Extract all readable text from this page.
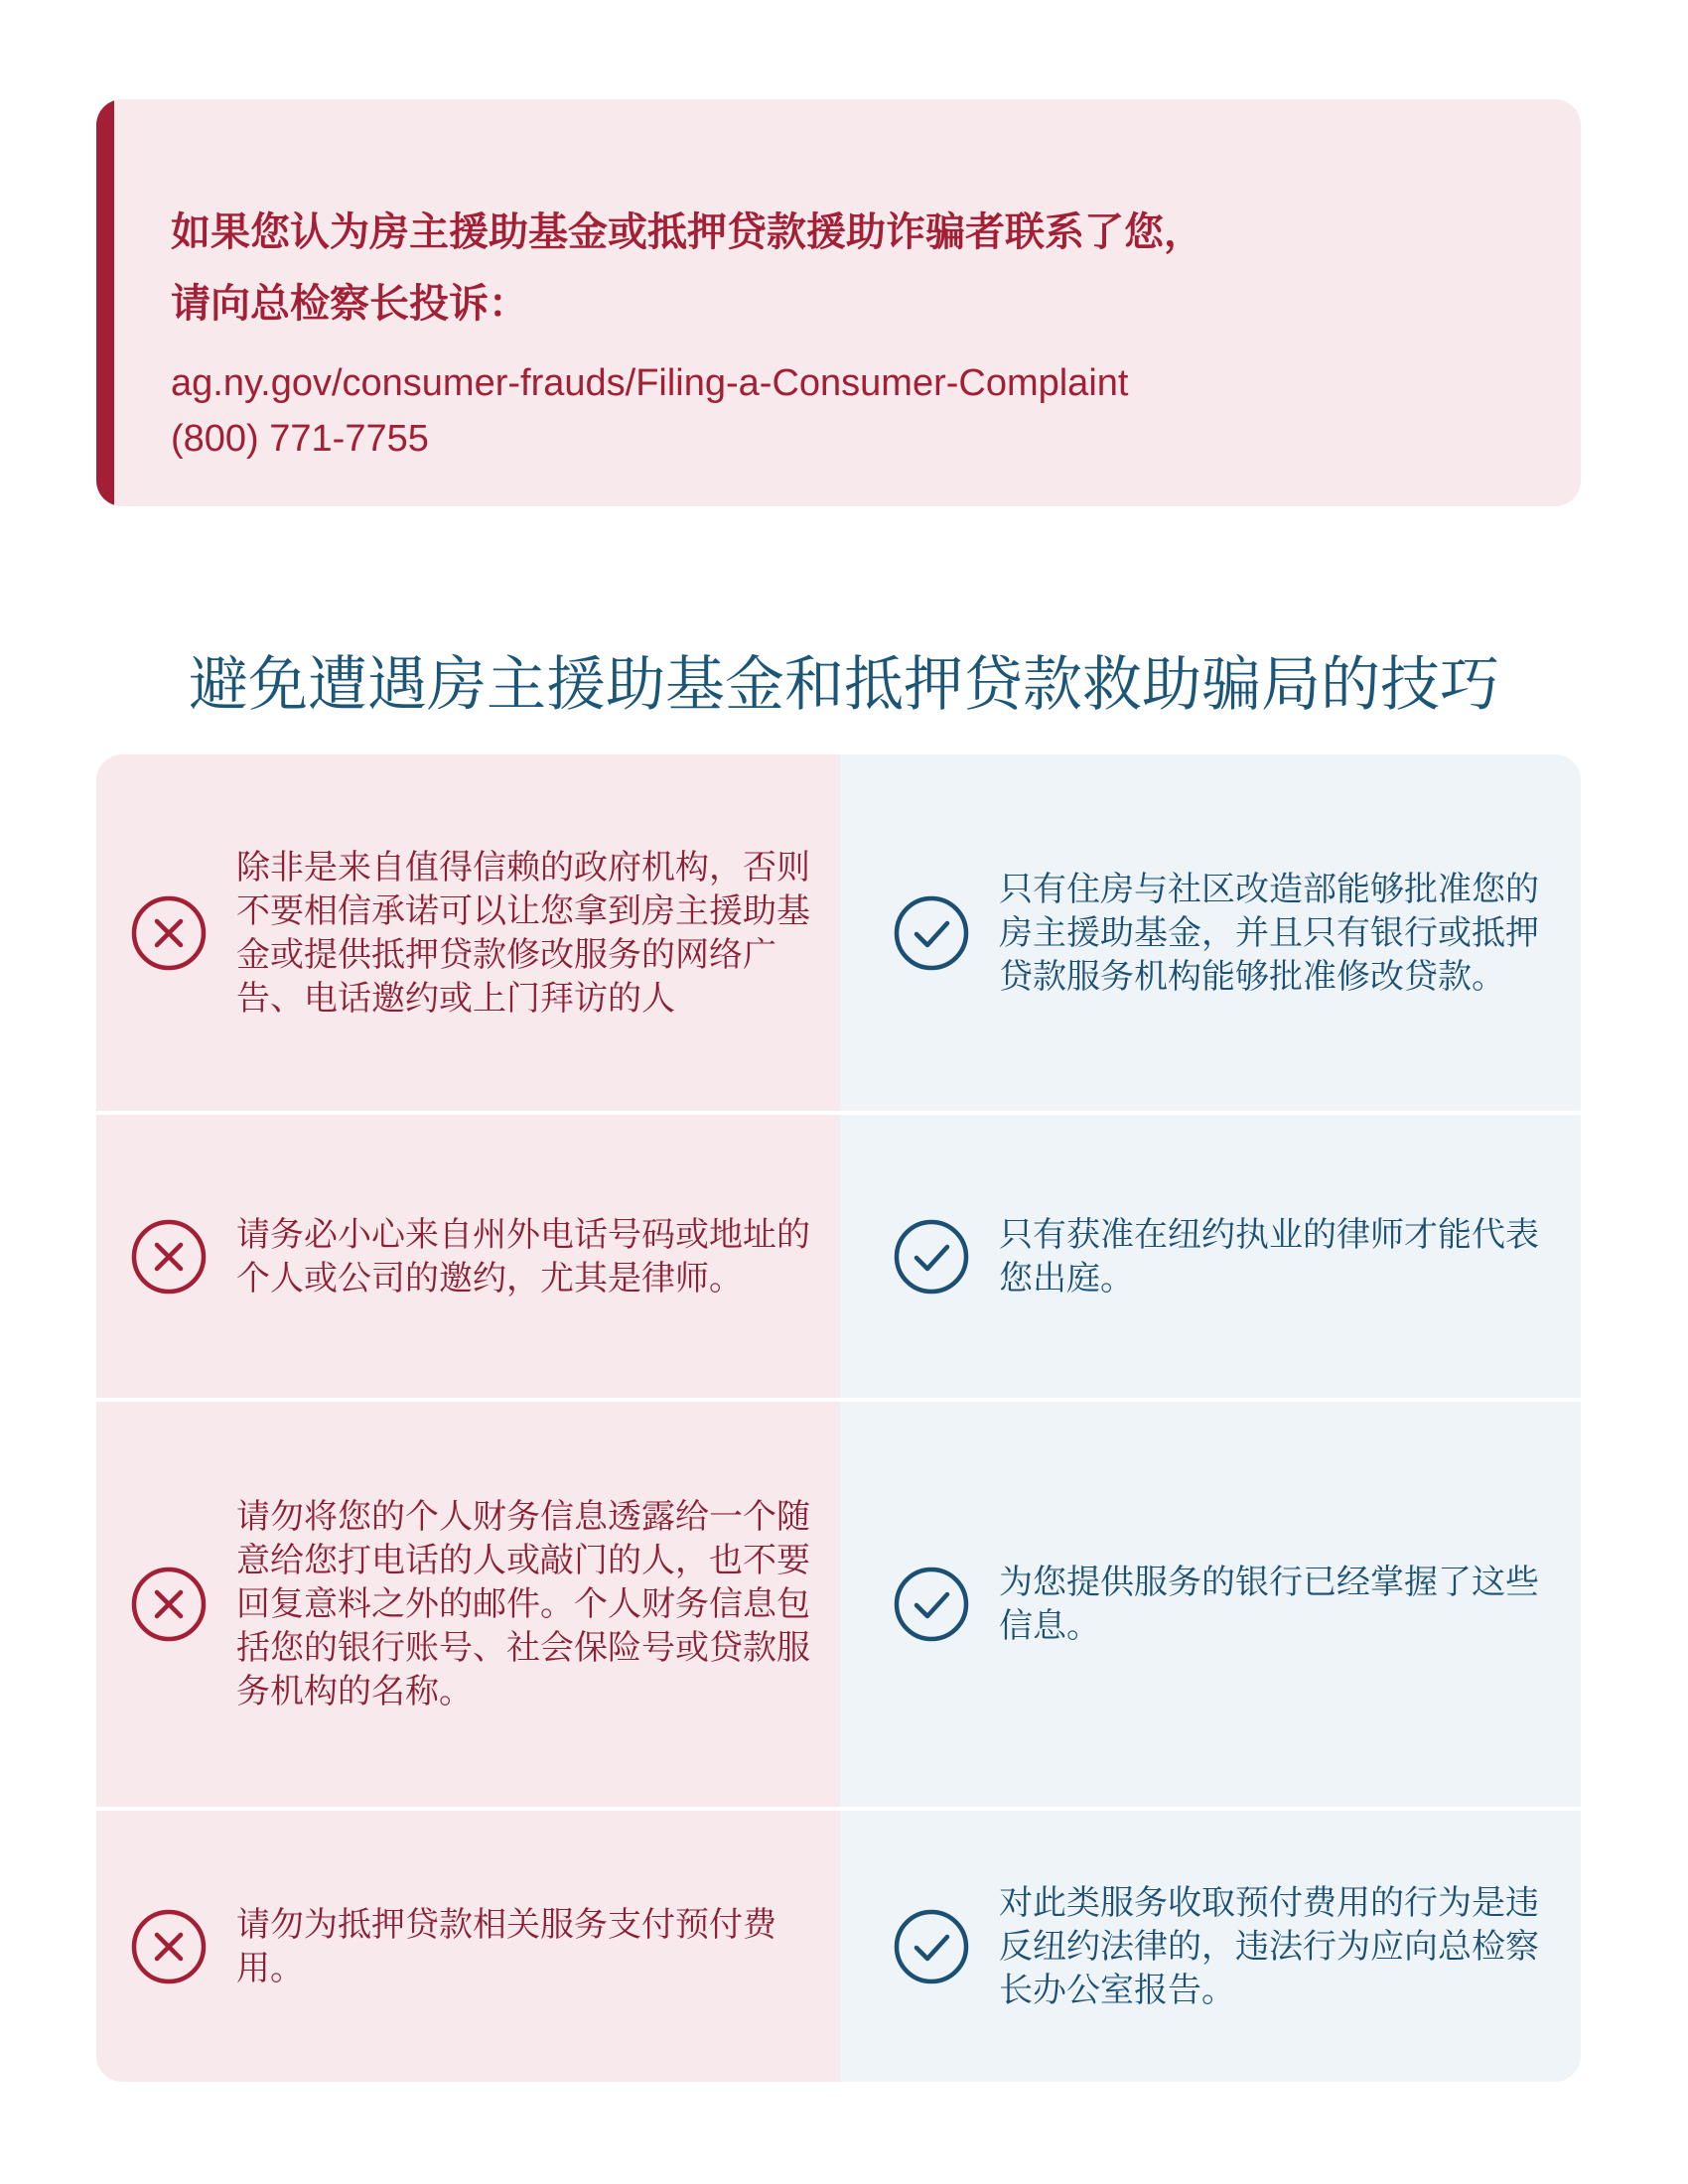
如果您认为房主援助基金或抵押贷款援助诈骗者联系了您，
请向总检察长投诉：
ag.ny.gov/consumer-frauds/Filing-a-Consumer-Complaint
(800) 771-7755
避免遭遇房主援助基金和抵押贷款救助骗局的技巧

除非是来自值得信赖的政府机构，否则不要相信承诺可以让您拿到房主援助基金或提供抵押贷款修改服务的网络广告、电话邀约或上门拜访的人

只有住房与社区改造部能够批准您的房主援助基金，并且只有银行或抵押贷款服务机构能够批准修改贷款。

请务必小心来自州外电话号码或地址的个人或公司的邀约，尤其是律师。

只有获准在纽约执业的律师才能代表您出庭。

请勿将您的个人财务信息透露给一个随意给您打电话的人或敲门的人，也不要回复意料之外的邮件。个人财务信息包括您的银行账号、社会保险号或贷款服务机构的名称。

为您提供服务的银行已经掌握了这些信息。

请勿为抵押贷款相关服务支付预付费用。

对此类服务收取预付费用的行为是违反纽约法律的，违法行为应向总检察长办公室报告。
